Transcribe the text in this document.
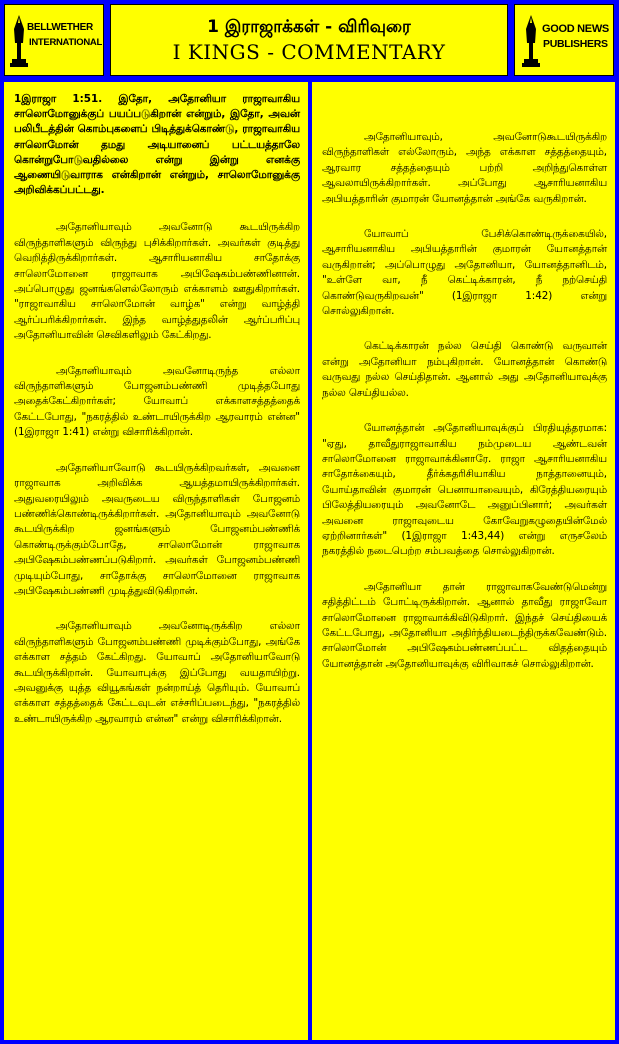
BELLWETHER
INTERNATIONAL
1 இராஜாக்கள் - விரிவுரை
I KINGS - COMMENTARY
GOOD NEWS
PUBLISHERS

1இராஜா 1:51. இதோ, அதோனியா ராஜாவாகிய சாலொமோனுக்குப் பயப்படுகிறான் என்றும், இதோ, அவன் பலிபீடத்தின் கொம்புகளைப் பிடித்துக்கொண்டு, ராஜாவாகிய சாலொமோன் தமது அடியானைப் பட்டயத்தாலே கொன்றுபோடுவதில்லை என்று இன்று எனக்கு ஆணையிடுவாராக என்கிறான் என்றும், சாலொமோனுக்கு அறிவிக்கப்பட்டது.

அதோனியாவும் அவனோடு கூடயிருக்கிற விருந்தாளிகளும் விருந்து புசிக்கிறார்கள். அவர்கள் குடித்து வெறித்திருக்கிறார்கள். ஆசாரியனாகிய சாதோக்கு சாலொமோனை ராஜாவாக அபிஷேகம்பண்ணினான். அப்பொழுது ஜனங்களெல்லோரும் எக்காளம் ஊதுகிறார்கள். "ராஜாவாகிய சாலொமோன் வாழ்க" என்று வாழ்த்தி ஆர்ப்பரிக்கிறார்கள். இந்த வாழ்த்துதலின் ஆர்ப்பரிப்பு அதோனியாவின் செவிகளிலும் கேட்கிறது.

அதோனியாவும் அவனோடிருந்த எல்லா விருந்தாளிகளும் போஜனம்பண்ணி முடித்தபோது அதைக்கேட்கிறார்கள்; யோவாப் எக்காளசத்தத்தைக் கேட்டபோது, "நகரத்தில் உண்டாயிருக்கிற ஆரவாரம் என்ன" (1இராஜா 1:41) என்று விசாரிக்கிறான்.

அதோனியாவோடு கூடயிருக்கிறவர்கள், அவனை ராஜாவாக அறிவிக்க ஆயத்தமாயிருக்கிறார்கள். அதுவரையிலும் அவருடைய விருந்தாளிகள் போஜனம் பண்ணிக்கொண்டிருக்கிறார்கள். அதோனியாவும் அவனோடு கூடயிருக்கிற ஜனங்களும் போஜனம்பண்ணிக் கொண்டிருக்கும்போதே, சாலொமோன் ராஜாவாக அபிஷேகம்பண்ணப்படுகிறார். அவர்கள் போஜனம்பண்ணி முடியும்போது, சாதோக்கு சாலொமோனை ராஜாவாக அபிஷேகம்பண்ணி முடித்துவிடுகிறான்.

அதோனியாவும் அவனோடிருக்கிற எல்லா விருந்தாளிகளும் போஜனம்பண்ணி முடிக்கும்போது, அங்கே எக்காள சத்தம் கேட்கிறது. யோவாப் அதோனியாவோடு கூடயிருக்கிறான். யோவாபுக்கு இப்போது வயதாயிற்று. அவனுக்கு யுத்த வியூகங்கள் நன்றாய்த் தெரியும். யோவாப் எக்காள சத்தத்தைக் கேட்டவுடன் எச்சரிப்படைந்து, "நகரத்தில் உண்டாயிருக்கிற ஆரவாரம் என்ன" என்று விசாரிக்கிறான்.

அதோனியாவும், அவனோடுகூடயிருக்கிற விருந்தாளிகள் எல்லோரும், அந்த எக்காள சத்தத்தையும், ஆரவார சத்தத்தையும் பற்றி அறிந்துகொள்ள ஆவலாயிருக்கிறார்கள். அப்போது ஆசாரியனாகிய அபியத்தாரின் குமாரன் யோனத்தான் அங்கே வருகிறான்.

யோவாப் பேசிக்கொண்டிருக்கையில், ஆசாரியனாகிய அபியத்தாரின் குமாரன் யோனத்தான் வருகிறான்; அப்பொழுது அதோனியா, யோனத்தானிடம், "உள்ளே வா, நீ கெட்டிக்காரன், நீ நற்செய்தி கொண்டுவருகிறவன்" (1இராஜா 1:42) என்று சொல்லுகிறான்.

கெட்டிக்காரன் நல்ல செய்தி கொண்டு வருவான் என்று அதோனியா நம்புகிறான். யோனத்தான் கொண்டு வருவது நல்ல செய்திதான். ஆனால் அது அதோனியாவுக்கு நல்ல செய்தியல்ல.

யோனத்தான் அதோனியாவுக்குப் பிரதியுத்தரமாக: "ஏது, தாவீதுராஜாவாகிய நம்முடைய ஆண்டவன் சாலொமோனை ராஜாவாக்கினாரே. ராஜா ஆசாரியனாகிய சாதோக்கையும், தீர்க்கதரிசியாகிய நாத்தானையும், யோய்தாவின் குமாரன் பெனாயாவையும், கிரேத்தியரையும் பிலேத்தியரையும் அவனோடே அனுப்பினார்; அவர்கள் அவனை ராஜாவுடைய கோவேறுகழுதையின்மேல் ஏற்றினார்கள்" (1இராஜா 1:43,44) என்று எருசலேம் நகரத்தில் நடைபெற்ற சம்பவத்தை சொல்லுகிறான்.

அதோனியா தான் ராஜாவாகவேண்டுமென்று சதித்திட்டம் போட்டிருக்கிறான். ஆனால் தாவீது ராஜாவோ சாலொமோனை ராஜாவாக்கிவிடுகிறார். இந்தச் செய்தியைக் கேட்டபோது, அதோனியா அதிர்ந்தியடைந்திருக்கவேண்டும். சாலொமோன் அபிஷேகம்பண்ணப்பட்ட விதத்தையும் யோனத்தான் அதோனியாவுக்கு விரிவாகச் சொல்லுகிறான்.
